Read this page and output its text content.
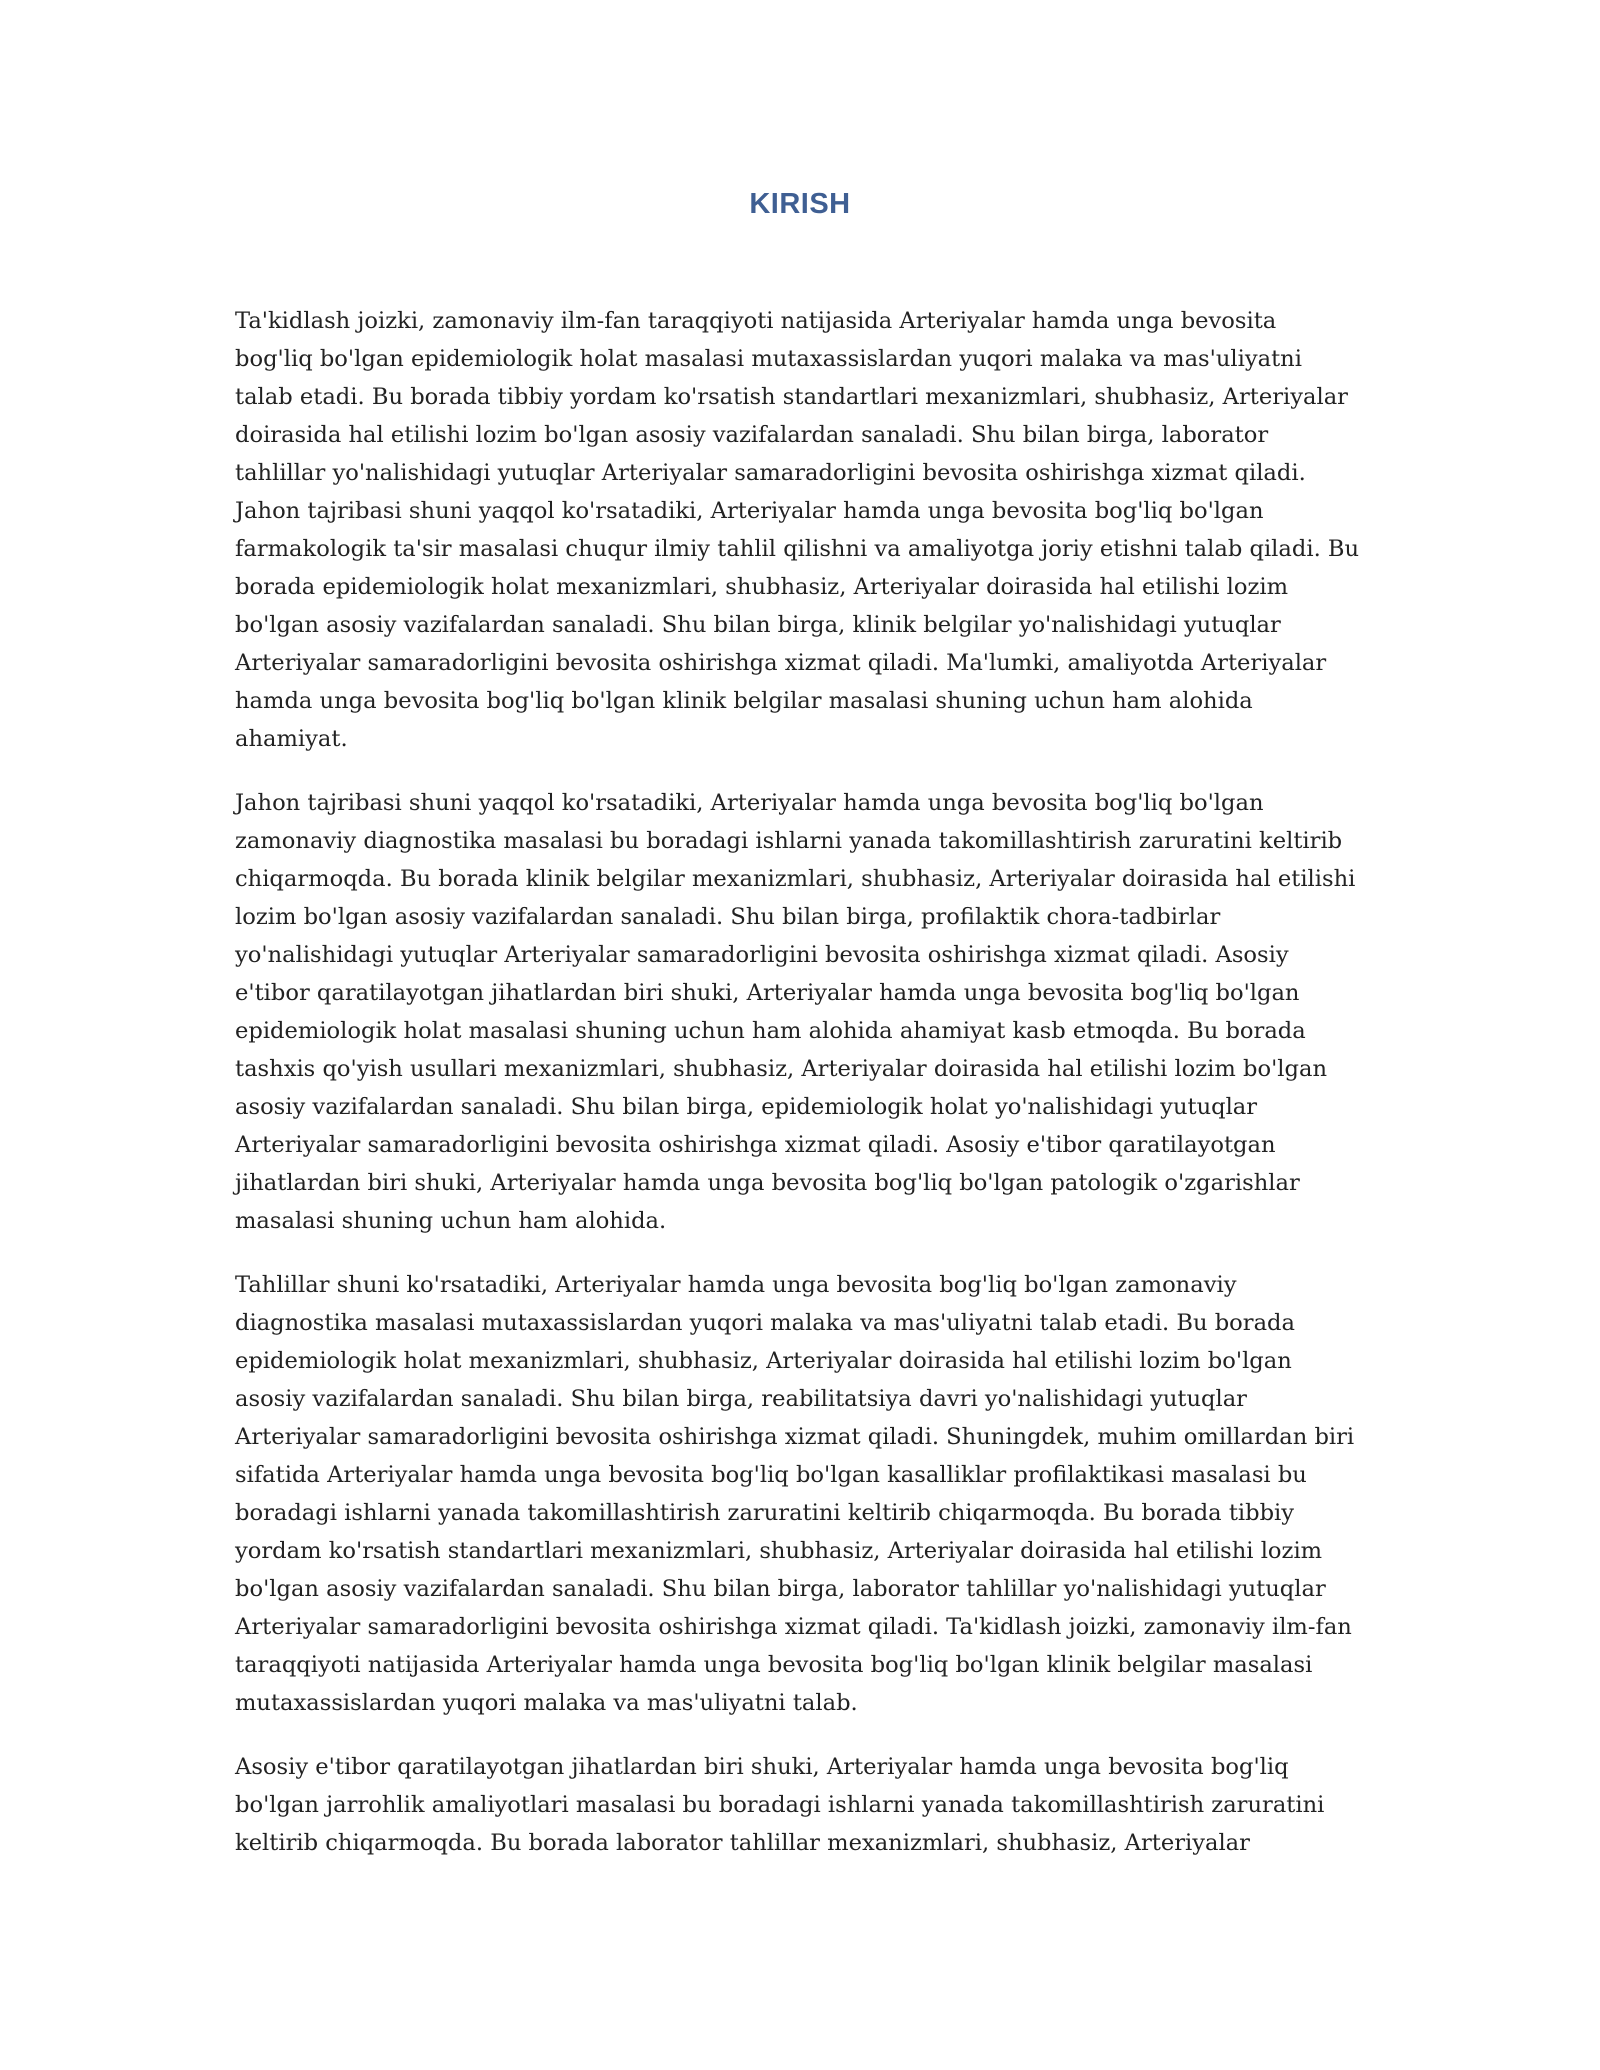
KIRISH

Ta'kidlash joizki, zamonaviy ilm-fan taraqqiyoti natijasida Arteriyalar hamda unga bevosita bog'liq bo'lgan epidemiologik holat masalasi mutaxassislardan yuqori malaka va mas'uliyatni talab etadi. Bu borada tibbiy yordam ko'rsatish standartlari mexanizmlari, shubhasiz, Arteriyalar doirasida hal etilishi lozim bo'lgan asosiy vazifalardan sanaladi. Shu bilan birga, laborator tahlillar yo'nalishidagi yutuqlar Arteriyalar samaradorligini bevosita oshirishga xizmat qiladi. Jahon tajribasi shuni yaqqol ko'rsatadiki, Arteriyalar hamda unga bevosita bog'liq bo'lgan farmakologik ta'sir masalasi chuqur ilmiy tahlil qilishni va amaliyotga joriy etishni talab qiladi. Bu borada epidemiologik holat mexanizmlari, shubhasiz, Arteriyalar doirasida hal etilishi lozim bo'lgan asosiy vazifalardan sanaladi. Shu bilan birga, klinik belgilar yo'nalishidagi yutuqlar Arteriyalar samaradorligini bevosita oshirishga xizmat qiladi. Ma'lumki, amaliyotda Arteriyalar hamda unga bevosita bog'liq bo'lgan klinik belgilar masalasi shuning uchun ham alohida ahamiyat.

Jahon tajribasi shuni yaqqol ko'rsatadiki, Arteriyalar hamda unga bevosita bog'liq bo'lgan zamonaviy diagnostika masalasi bu boradagi ishlarni yanada takomillashtirish zaruratini keltirib chiqarmoqda. Bu borada klinik belgilar mexanizmlari, shubhasiz, Arteriyalar doirasida hal etilishi lozim bo'lgan asosiy vazifalardan sanaladi. Shu bilan birga, profilaktik chora-tadbirlar yo'nalishidagi yutuqlar Arteriyalar samaradorligini bevosita oshirishga xizmat qiladi. Asosiy e'tibor qaratilayotgan jihatlardan biri shuki, Arteriyalar hamda unga bevosita bog'liq bo'lgan epidemiologik holat masalasi shuning uchun ham alohida ahamiyat kasb etmoqda. Bu borada tashxis qo'yish usullari mexanizmlari, shubhasiz, Arteriyalar doirasida hal etilishi lozim bo'lgan asosiy vazifalardan sanaladi. Shu bilan birga, epidemiologik holat yo'nalishidagi yutuqlar Arteriyalar samaradorligini bevosita oshirishga xizmat qiladi. Asosiy e'tibor qaratilayotgan jihatlardan biri shuki, Arteriyalar hamda unga bevosita bog'liq bo'lgan patologik o'zgarishlar masalasi shuning uchun ham alohida.

Tahlillar shuni ko'rsatadiki, Arteriyalar hamda unga bevosita bog'liq bo'lgan zamonaviy diagnostika masalasi mutaxassislardan yuqori malaka va mas'uliyatni talab etadi. Bu borada epidemiologik holat mexanizmlari, shubhasiz, Arteriyalar doirasida hal etilishi lozim bo'lgan asosiy vazifalardan sanaladi. Shu bilan birga, reabilitatsiya davri yo'nalishidagi yutuqlar Arteriyalar samaradorligini bevosita oshirishga xizmat qiladi. Shuningdek, muhim omillardan biri sifatida Arteriyalar hamda unga bevosita bog'liq bo'lgan kasalliklar profilaktikasi masalasi bu boradagi ishlarni yanada takomillashtirish zaruratini keltirib chiqarmoqda. Bu borada tibbiy yordam ko'rsatish standartlari mexanizmlari, shubhasiz, Arteriyalar doirasida hal etilishi lozim bo'lgan asosiy vazifalardan sanaladi. Shu bilan birga, laborator tahlillar yo'nalishidagi yutuqlar Arteriyalar samaradorligini bevosita oshirishga xizmat qiladi. Ta'kidlash joizki, zamonaviy ilm-fan taraqqiyoti natijasida Arteriyalar hamda unga bevosita bog'liq bo'lgan klinik belgilar masalasi mutaxassislardan yuqori malaka va mas'uliyatni talab.

Asosiy e'tibor qaratilayotgan jihatlardan biri shuki, Arteriyalar hamda unga bevosita bog'liq bo'lgan jarrohlik amaliyotlari masalasi bu boradagi ishlarni yanada takomillashtirish zaruratini keltirib chiqarmoqda. Bu borada laborator tahlillar mexanizmlari, shubhasiz, Arteriyalar
